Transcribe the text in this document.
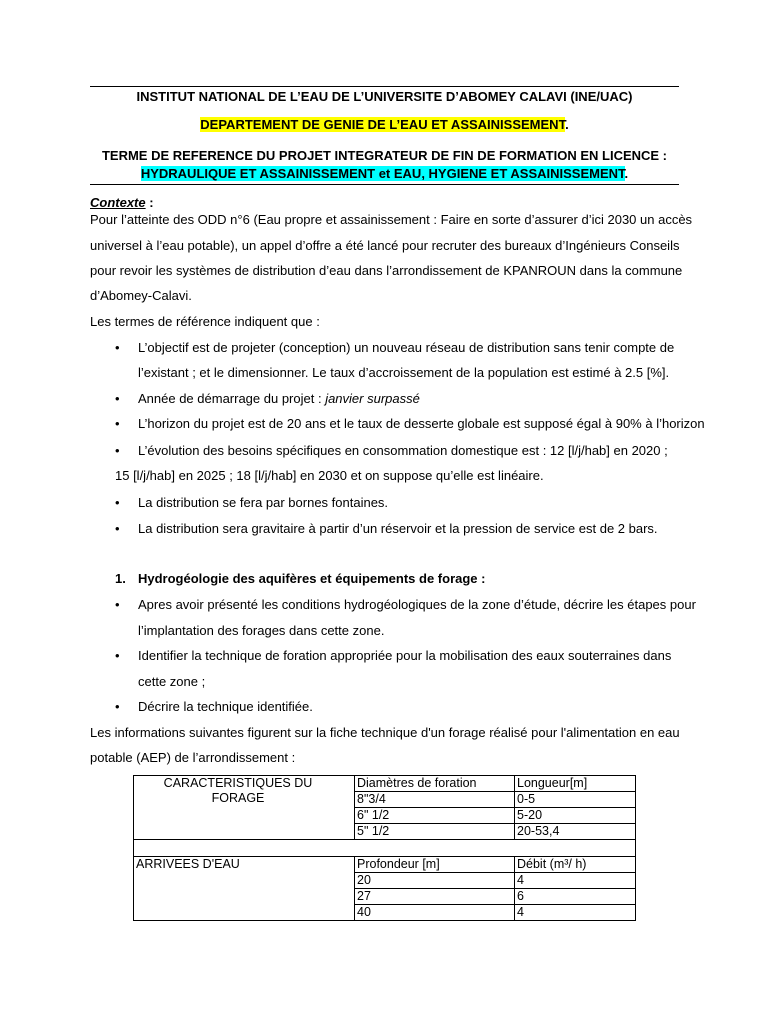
INSTITUT NATIONAL DE L’EAU DE L’UNIVERSITE D’ABOMEY CALAVI (INE/UAC)
DEPARTEMENT DE GENIE DE L’EAU ET ASSAINISSEMENT.
TERME DE REFERENCE DU PROJET INTEGRATEUR DE FIN DE FORMATION EN LICENCE :
HYDRAULIQUE ET ASSAINISSEMENT et EAU, HYGIENE ET ASSAINISSEMENT.
Contexte :
Pour l’atteinte des ODD n°6 (Eau propre et assainissement : Faire en sorte d’assurer d’ici 2030 un accès
universel à l’eau potable), un appel d’offre a été lancé pour recruter des bureaux d’Ingénieurs Conseils
pour revoir les systèmes de distribution d’eau dans l’arrondissement de KPANROUN dans la commune
d’Abomey-Calavi.
Les termes de référence indiquent que :
• L’objectif est de projeter (conception) un nouveau réseau de distribution sans tenir compte de
l’existant ; et le dimensionner. Le taux d’accroissement de la population est estimé à 2.5 [%].
• Année de démarrage du projet : janvier surpassé
• L’horizon du projet est de 20 ans et le taux de desserte globale est supposé égal à 90% à l’horizon
• L’évolution des besoins spécifiques en consommation domestique est : 12 [l/j/hab] en 2020 ;
15 [l/j/hab] en 2025 ; 18 [l/j/hab] en 2030 et on suppose qu’elle est linéaire.
• La distribution se fera par bornes fontaines.
• La distribution sera gravitaire à partir d’un réservoir et la pression de service est de 2 bars.
1. Hydrogéologie des aquifères et équipements de forage :
• Apres avoir présenté les conditions hydrogéologiques de la zone d’étude, décrire les étapes pour
l’implantation des forages dans cette zone.
• Identifier la technique de foration appropriée pour la mobilisation des eaux souterraines dans
cette zone ;
• Décrire la technique identifiée.
Les informations suivantes figurent sur la fiche technique d'un forage réalisé pour l'alimentation en eau
potable (AEP) de l’arrondissement :
CARACTERISTIQUES DU
FORAGE	Diamètres de foration	Longueur[m]
	8"3/4	0-5
	6" 1/2	5-20
	5" 1/2	20-53,4

ARRIVEES D'EAU	Profondeur [m]	Débit (m³/ h)
	20	4
	27	6
	40	4
